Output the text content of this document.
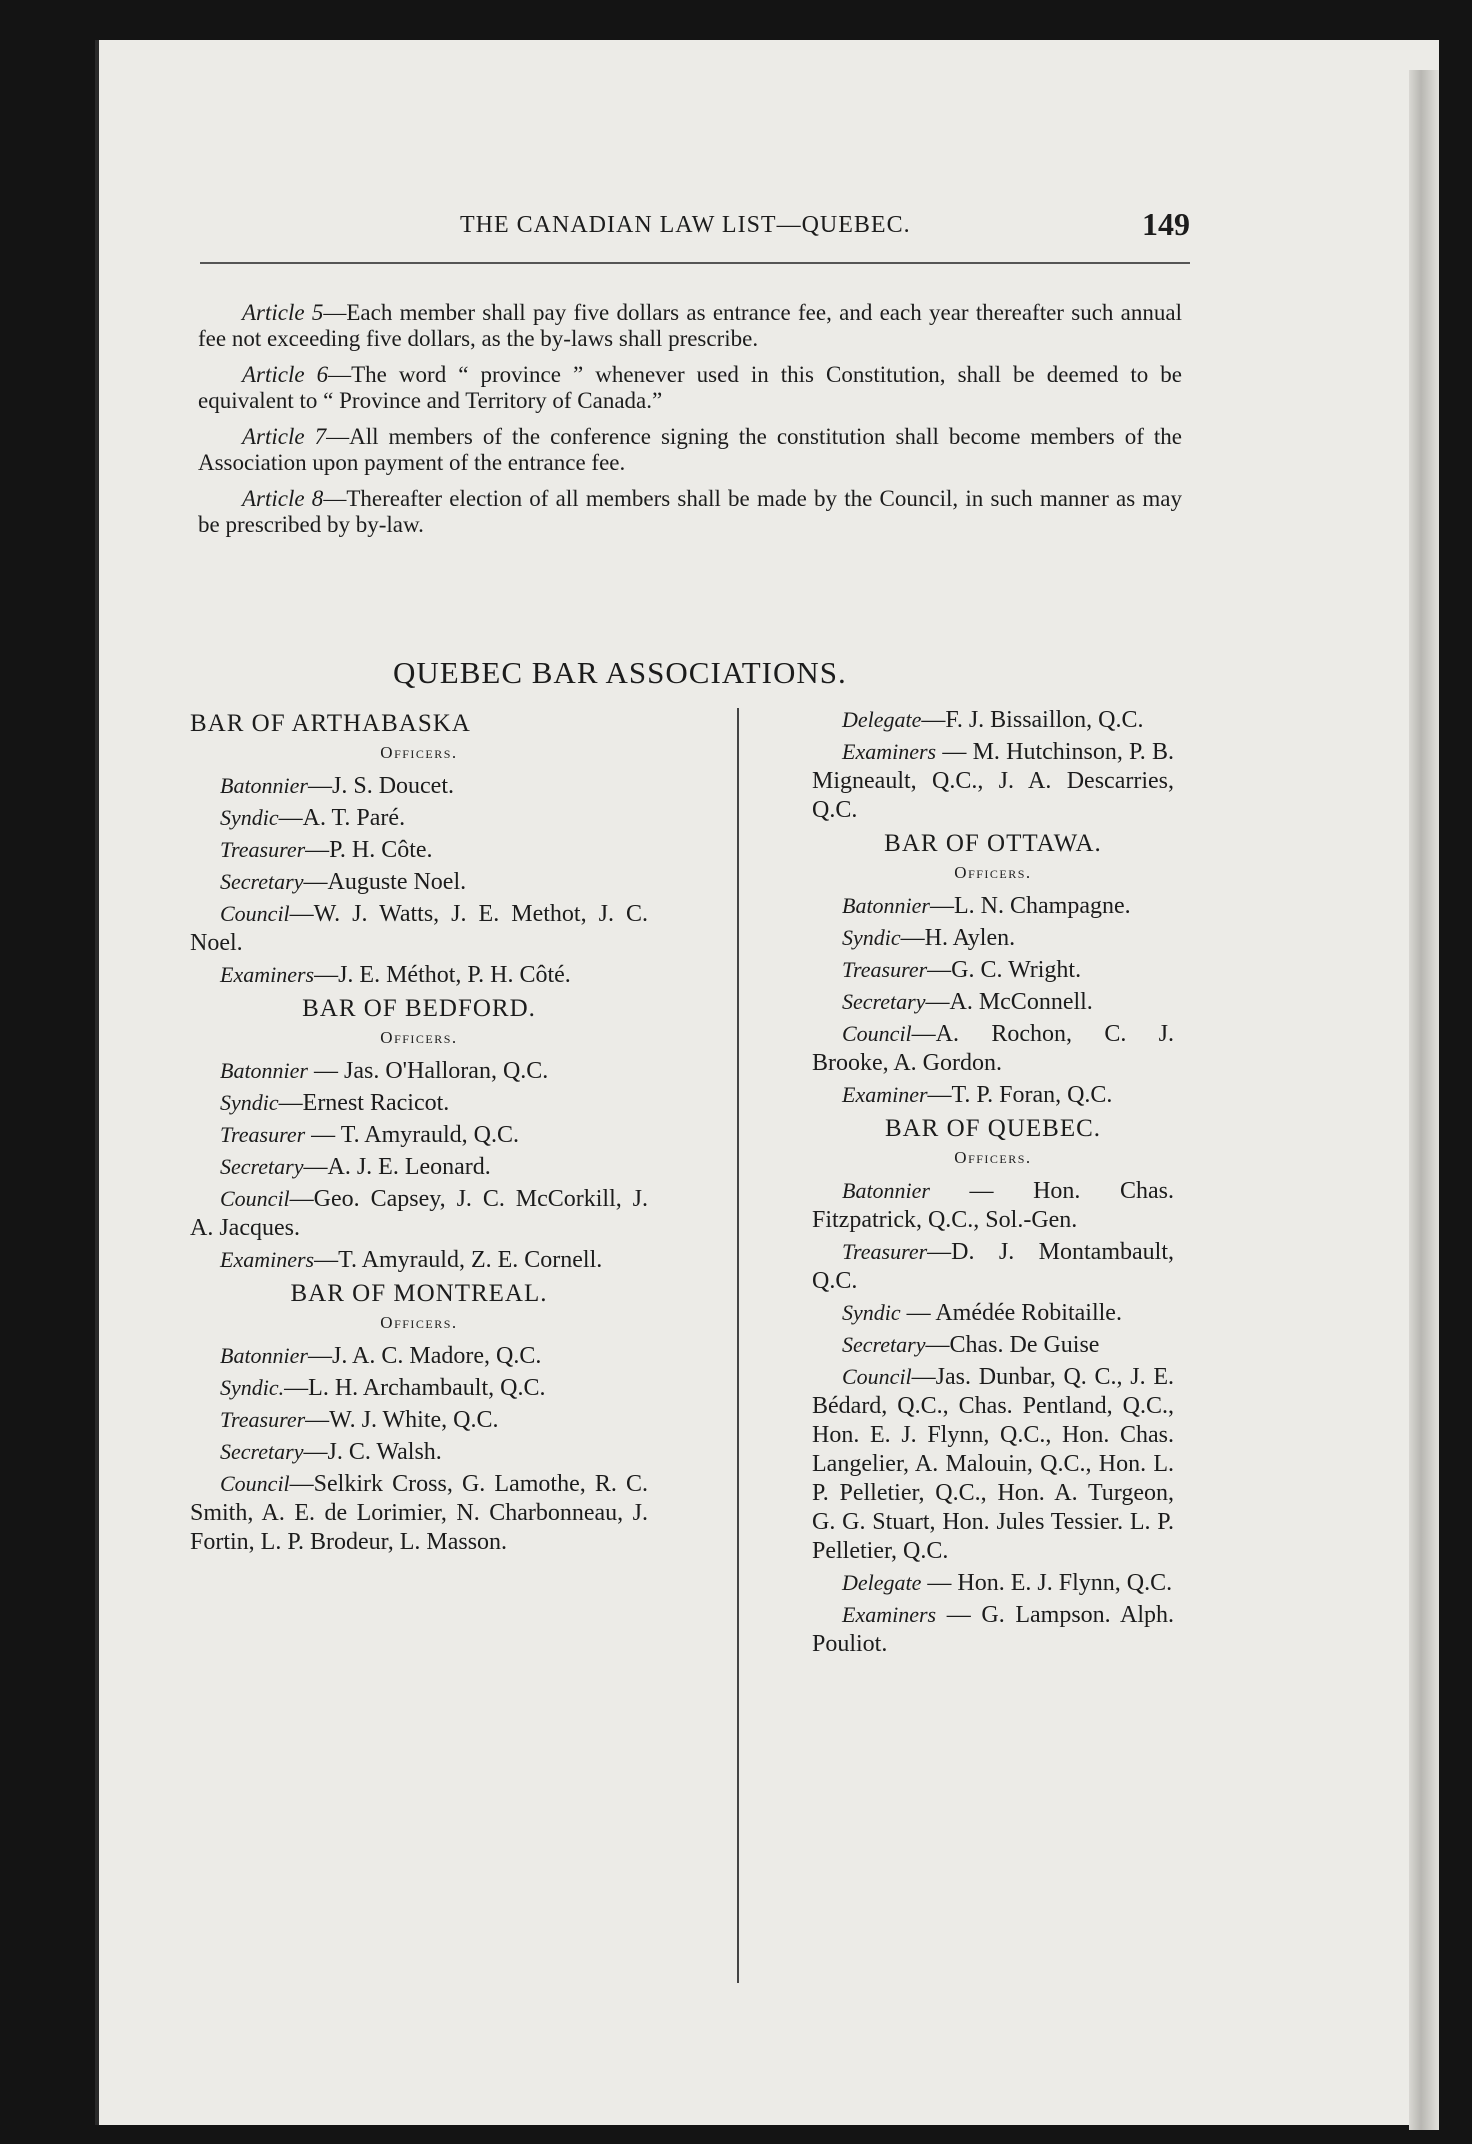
THE CANADIAN LAW LIST—QUEBEC.	149

Article 5—Each member shall pay five dollars as entrance fee, and each year thereafter such annual fee not exceeding five dollars, as the by-laws shall prescribe.

Article 6—The word “ province ” whenever used in this Constitution, shall be deemed to be equivalent to “ Province and Territory of Canada.”

Article 7—All members of the conference signing the constitution shall become members of the Association upon payment of the entrance fee.

Article 8—Thereafter election of all members shall be made by the Council, in such manner as may be prescribed by by-law.

QUEBEC BAR ASSOCIATIONS.
BAR OF ARTHABASKA
Officers.

Batonnier—J. S. Doucet.

Syndic—A. T. Paré.

Treasurer—P. H. Côte.

Secretary—Auguste Noel.

Council—W. J. Watts, J. E. Methot, J. C. Noel.

Examiners—J. E. Méthot, P. H. Côté.

BAR OF BEDFORD.
Officers.

Batonnier — Jas. O'Halloran, Q.C.

Syndic—Ernest Racicot.

Treasurer — T. Amyrauld, Q.C.

Secretary—A. J. E. Leonard.

Council—Geo. Capsey, J. C. McCorkill, J. A. Jacques.

Examiners—T. Amyrauld, Z. E. Cornell.

BAR OF MONTREAL.
Officers.

Batonnier—J. A. C. Madore, Q.C.

Syndic.—L. H. Archambault, Q.C.

Treasurer—W. J. White, Q.C.

Secretary—J. C. Walsh.

Council—Selkirk Cross, G. Lamothe, R. C. Smith, A. E. de Lorimier, N. Charbonneau, J. Fortin, L. P. Brodeur, L. Masson.

Delegate—F. J. Bissaillon, Q.C.

Examiners — M. Hutchinson, P. B. Migneault, Q.C., J. A. Descarries, Q.C.

BAR OF OTTAWA.
Officers.

Batonnier—L. N. Champagne.

Syndic—H. Aylen.

Treasurer—G. C. Wright.

Secretary—A. McConnell.

Council—A. Rochon, C. J. Brooke, A. Gordon.

Examiner—T. P. Foran, Q.C.

BAR OF QUEBEC.
Officers.

Batonnier — Hon. Chas. Fitzpatrick, Q.C., Sol.-Gen.

Treasurer—D. J. Montambault, Q.C.

Syndic — Amédée Robitaille.

Secretary—Chas. De Guise

Council—Jas. Dunbar, Q. C., J. E. Bédard, Q.C., Chas. Pentland, Q.C., Hon. E. J. Flynn, Q.C., Hon. Chas. Langelier, A. Malouin, Q.C., Hon. L. P. Pelletier, Q.C., Hon. A. Turgeon, G. G. Stuart, Hon. Jules Tessier. L. P. Pelletier, Q.C.

Delegate — Hon. E. J. Flynn, Q.C.

Examiners — G. Lampson. Alph. Pouliot.
